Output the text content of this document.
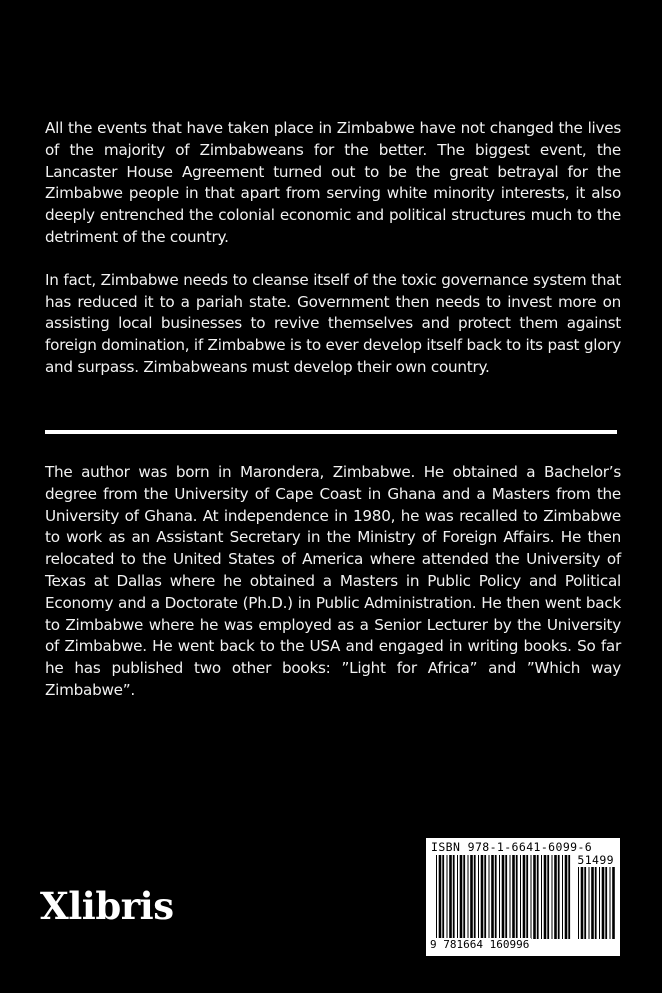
All the events that have taken place in Zimbabwe have not changed the lives of the majority of Zimbabweans for the better. The biggest event, the Lancaster House Agreement turned out to be the great betrayal for the Zimbabwe people in that apart from serving white minority interests, it also deeply entrenched the colonial economic and political structures much to the detriment of the country.

In fact, Zimbabwe needs to cleanse itself of the toxic governance system that has reduced it to a pariah state. Government then needs to invest more on assisting local businesses to revive themselves and protect them against foreign domination, if Zimbabwe is to ever develop itself back to its past glory and surpass. Zimbabweans must develop their own country.

The author was born in Marondera, Zimbabwe. He obtained a Bachelor’s degree from the University of Cape Coast in Ghana and a Masters from the University of Ghana. At independence in 1980, he was recalled to Zimbabwe to work as an Assistant Secretary in the Ministry of Foreign Affairs. He then relocated to the United States of America where attended the University of Texas at Dallas where he obtained a Masters in Public Policy and Political Economy and a Doctorate (Ph.D.) in Public Administration. He then went back to Zimbabwe where he was employed as a Senior Lecturer by the University of Zimbabwe. He went back to the USA and engaged in writing books. So far he has published two other books: ”Light for Africa” and ”Which way Zimbabwe”.

Xlibris
ISBN 978-1-6641-6099-6
51499
9 781664 160996
